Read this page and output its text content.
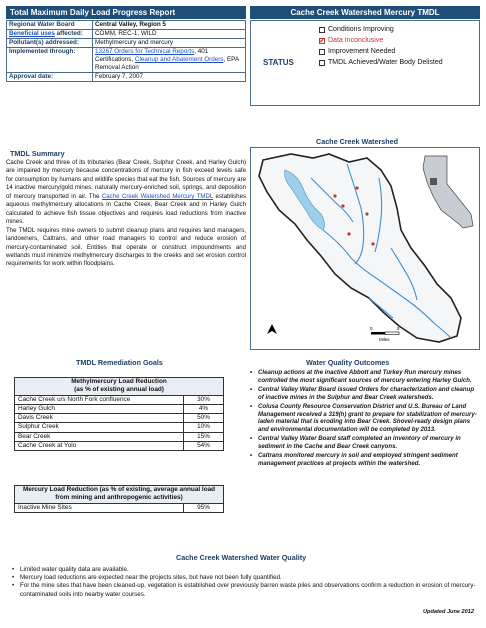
Total Maximum Daily Load Progress Report	Cache Creek Watershed Mercury TMDL
Regional Water Board	Central Valley, Region 5
Beneficial uses affected:	COMM, REC-1, WILD
Pollutant(s) addressed:	Methylmercury and mercury
Implemented through:	13267 Orders for Technical Reports, 401 Certifications, Cleanup and Abatement Orders, EPA Removal Action
Approval date:	February 7, 2007
STATUS
Conditions Improving
✓
Data Inconclusive
Improvement Needed
TMDL Achieved/Water Body Delisted
TMDL Summary

Cache Creek and three of its tributaries (Bear Creek, Sulphur Creek, and Harley Gulch) are impaired by mercury because concentrations of mercury in fish exceed levels safe for consumption by humans and wildlife species that eat the fish. Sources of mercury are 14 inactive mercury/gold mines, naturally mercury-enriched soil, springs, and deposition of mercury transported in air. The Cache Creek Watershed Mercury TMDL establishes aqueous methylmercury allocations in Cache Creek, Bear Creek and in Harley Gulch calculated to achieve fish tissue objectives and requires load reductions from inactive mines.

The TMDL requires mine owners to submit cleanup plans and requires land managers, landowners, Caltrans, and other road managers to control and reduce erosion of mercury-contaminated soil. Entities that operate or construct impoundments and wetlands must minimize methylmercury discharges to the creeks and set erosion control requirements for work within floodplains.

Cache Creek Watershed
0	5
Miles
TMDL Remediation Goals
Methylmercury Load Reduction
(as % of existing annual load)	
Cache Creek u/s North Fork confluence	30%
Harley Gulch	4%
Davis Creek	50%
Sulphur Creek	10%
Bear Creek	15%
Cache Creek at Yolo	54%
Mercury Load Reduction (as % of existing, average annual load from mining and anthropogenic activities)
Inactive Mine Sites	95%
Water Quality Outcomes
• Cleanup actions at the inactive Abbott and Turkey Run mercury mines controlled the most significant sources of mercury entering Harley Gulch.
• Central Valley Water Board issued Orders for characterization and cleanup of inactive mines in the Sulphur and Bear Creek watersheds.
• Colusa County Resource Conservation District and U.S. Bureau of Land Management received a 319(h) grant to prepare for stabilization of mercury-laden material that is eroding into Bear Creek. Shovel-ready design plans and environmental documentation will be completed by 2013.
• Central Valley Water Board staff completed an inventory of mercury in sediment in the Cache and Bear Creek canyons.
• Caltrans monitored mercury in soil and employed stringent sediment management practices at projects within the watershed.
Cache Creek Watershed Water Quality
• Limited water quality data are available.
• Mercury load reductions are expected near the projects sites, but have not been fully quantified.
• For the mine sites that have been cleaned-up, vegetation is established over previously barren waste piles and observations confirm a reduction in erosion of mercury-contaminated soils into nearby water courses.
Updated June 2012
